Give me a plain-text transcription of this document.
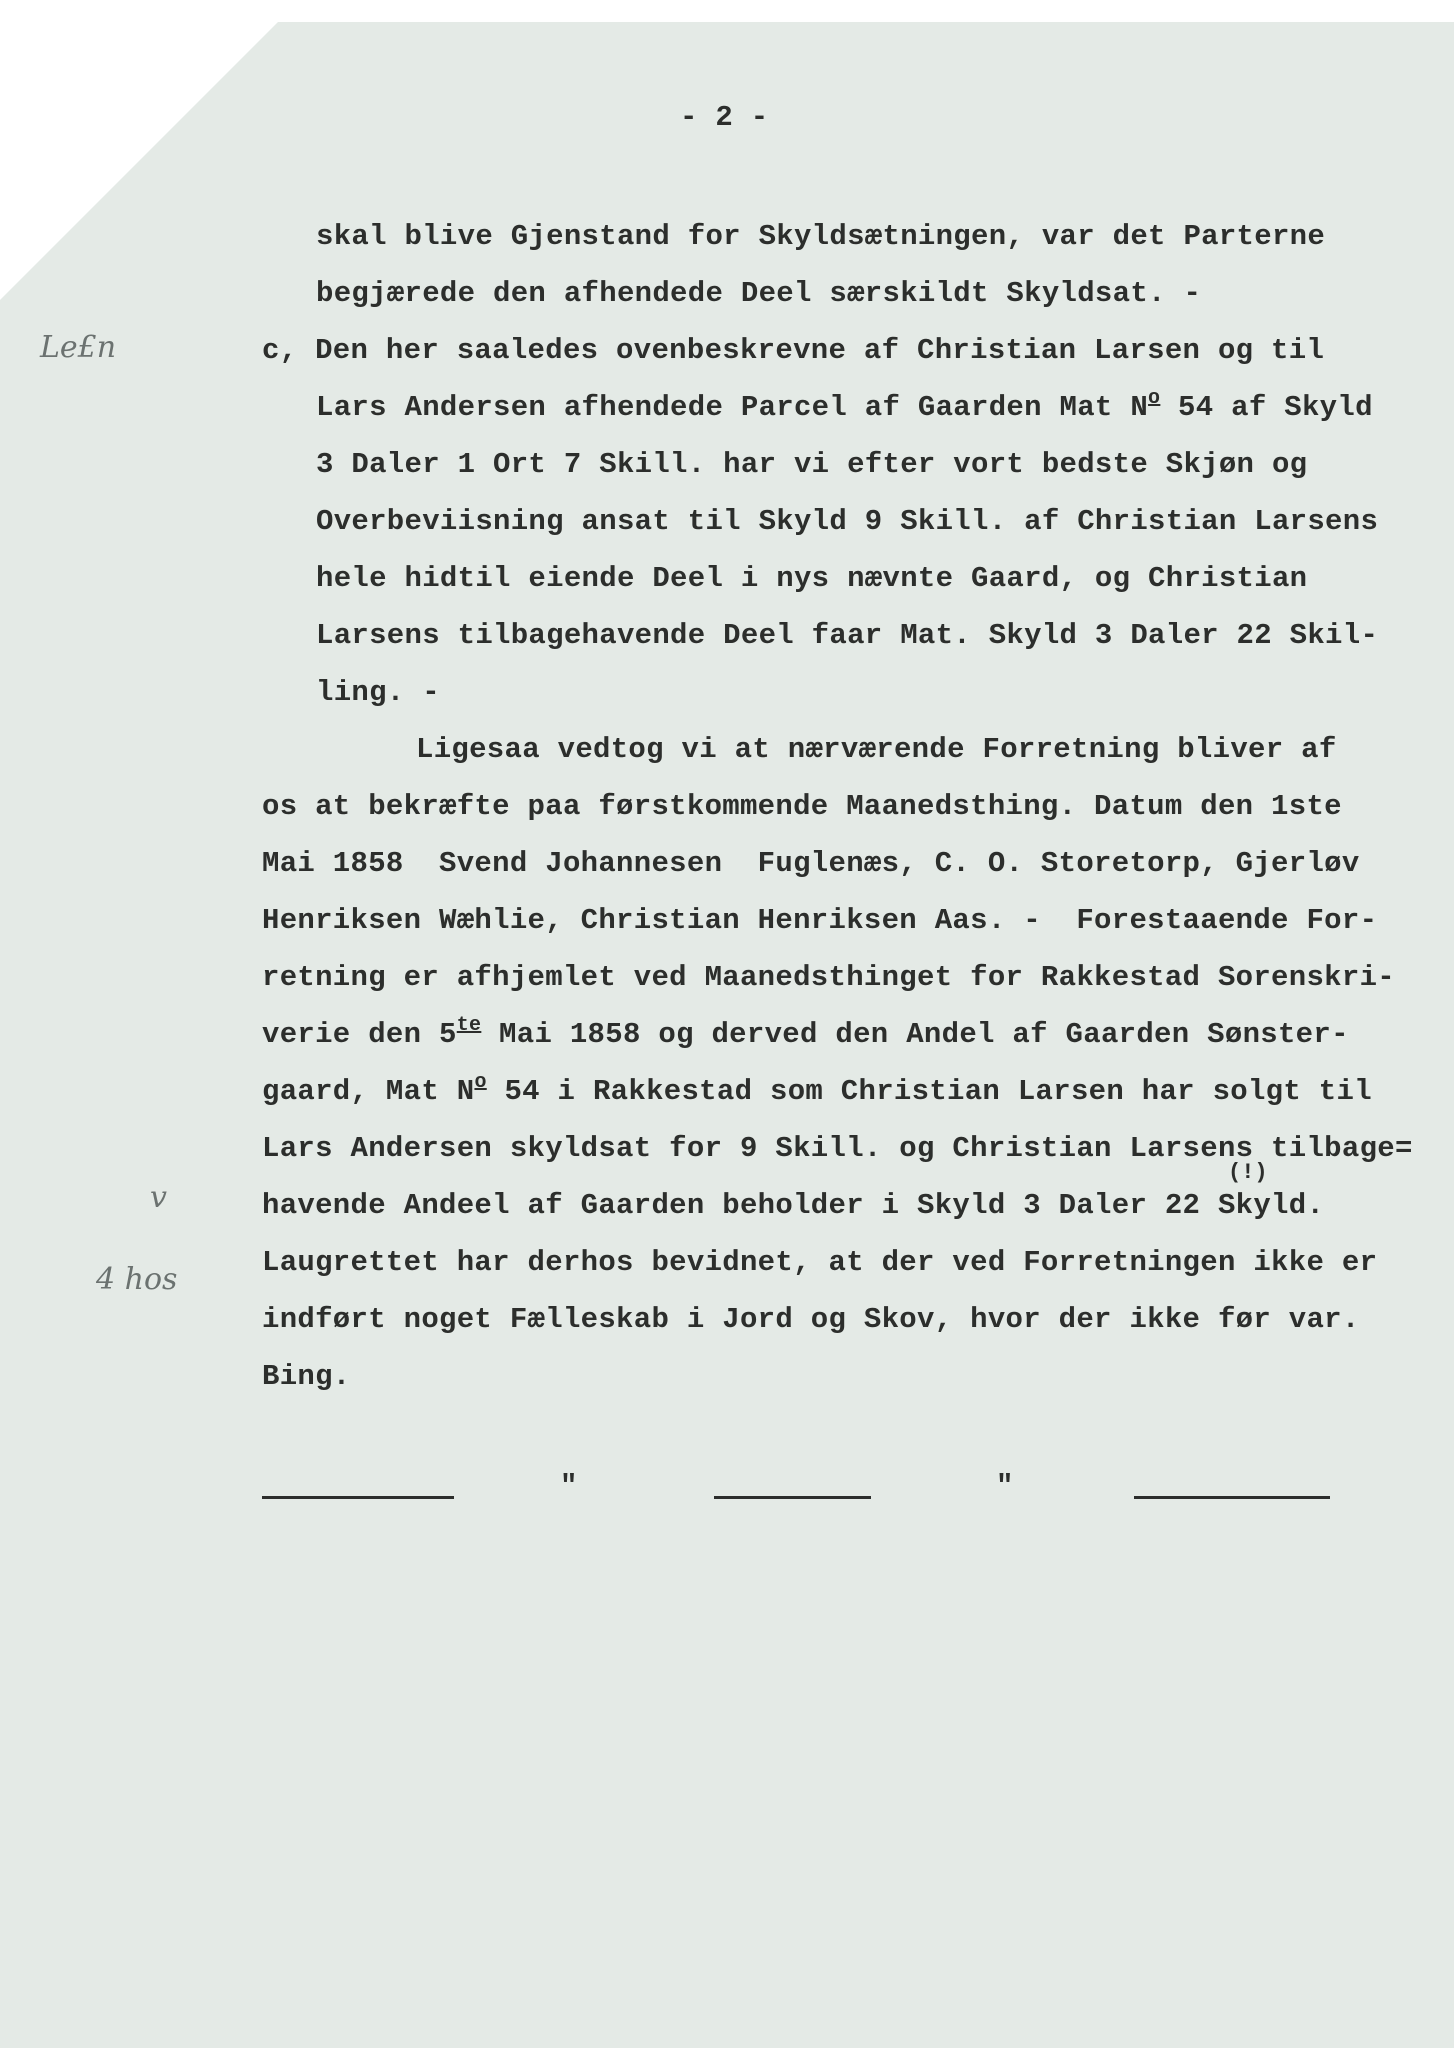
- 2 -
skal blive Gjenstand for Skyldsætningen, var det Parterne
begjærede den afhendede Deel særskildt Skyldsat. -
c, Den her saaledes ovenbeskrevne af Christian Larsen og til
Lars Andersen afhendede Parcel af Gaarden Mat $N^o$ 54 af Skyld
3 Daler 1 Ort 7 Skill. har vi efter vort bedste Skjøn og
Overbeviisning ansat til Skyld 9 Skill. af Christian Larsens
hele hidtil eiende Deel i nys nævnte Gaard, og Christian
Larsens tilbagehavende Deel faar Mat. Skyld 3 Daler 22 Skil-
ling. -
Ligesaa vedtog vi at nærværende Forretning bliver af
os at bekræfte paa førstkommende Maanedsthing. Datum den 1ste
Mai 1858  Svend Johannesen  Fuglenæs, C. O. Storetorp, Gjerløv
Henriksen Wæhlie, Christian Henriksen Aas. -  Forestaaende For-
retning er afhjemlet ved Maanedsthinget for Rakkestad Sorenskri-
verie den $5^{te}$ Mai 1858 og derved den Andel af Gaarden Sønster-
gaard, Mat $N^o$ 54 i Rakkestad som Christian Larsen har solgt til
Lars Andersen skyldsat for 9 Skill. og Christian Larsens tilbage=
(!)
havende Andeel af Gaarden beholder i Skyld 3 Daler 22 Skyld.
Laugrettet har derhos bevidnet, at der ved Forretningen ikke er
indført noget Fælleskab i Jord og Skov, hvor der ikke før var.
Bing.
Le£n
v
4 hos
"	"
